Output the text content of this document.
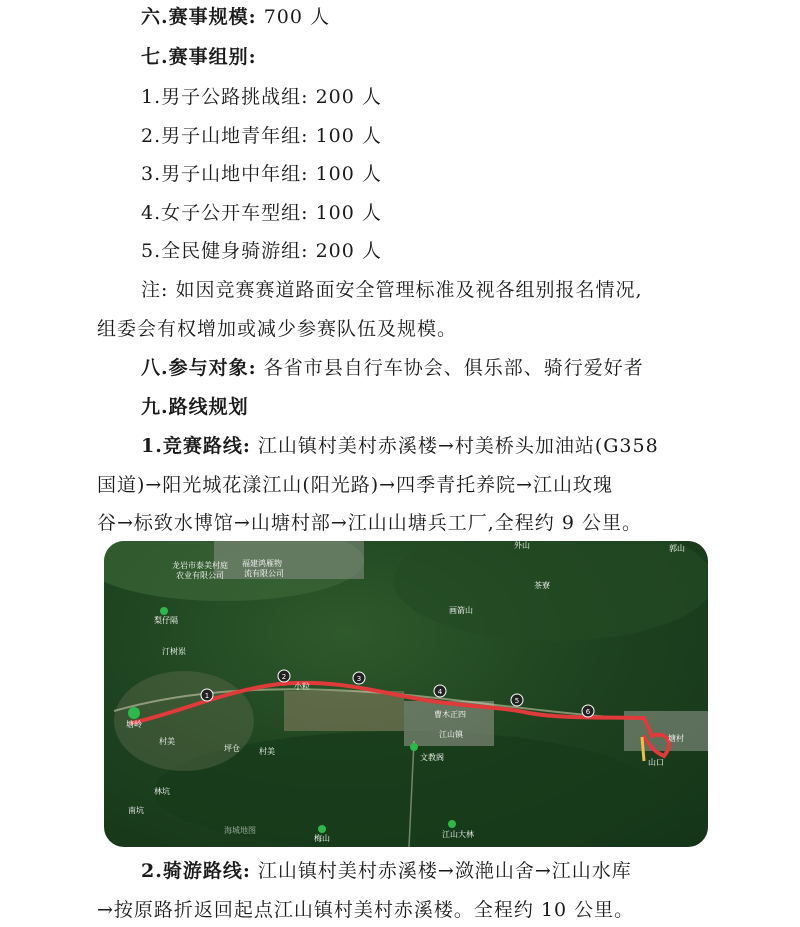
六.赛事规模: 700 人
七.赛事组别:
1.男子公路挑战组: 200 人
2.男子山地青年组: 100 人
3.男子山地中年组: 100 人
4.女子公开车型组: 100 人
5.全民健身骑游组: 200 人
注: 如因竞赛赛道路面安全管理标准及视各组别报名情况,
组委会有权增加或减少参赛队伍及规模。
八.参与对象: 各省市县自行车协会、俱乐部、骑行爱好者
九.路线规划
1.竞赛路线: 江山镇村美村赤溪楼→村美桥头加油站(G358
国道)→阳光城花漾江山(阳光路)→四季青托养院→江山玫瑰
谷→标致水博馆→山塘村部→江山山塘兵工厂,全程约 9 公里。
1
2	3
4
5
6
龙岩市泰美村庭
农业有限公司
福建鸿雁物
流有限公司
外山	郭山
茶寮
画箭山
梨仔隔
汀树岽
小粒
塘岭
村美
坪仓 村美
江山镇
曹木正四
文教阁
山口
塘村
林坑
南坑
梅山	江山大林
海城地图
2.骑游路线: 江山镇村美村赤溪楼→潋滟山舍→江山水库
→按原路折返回起点江山镇村美村赤溪楼。全程约 10 公里。
